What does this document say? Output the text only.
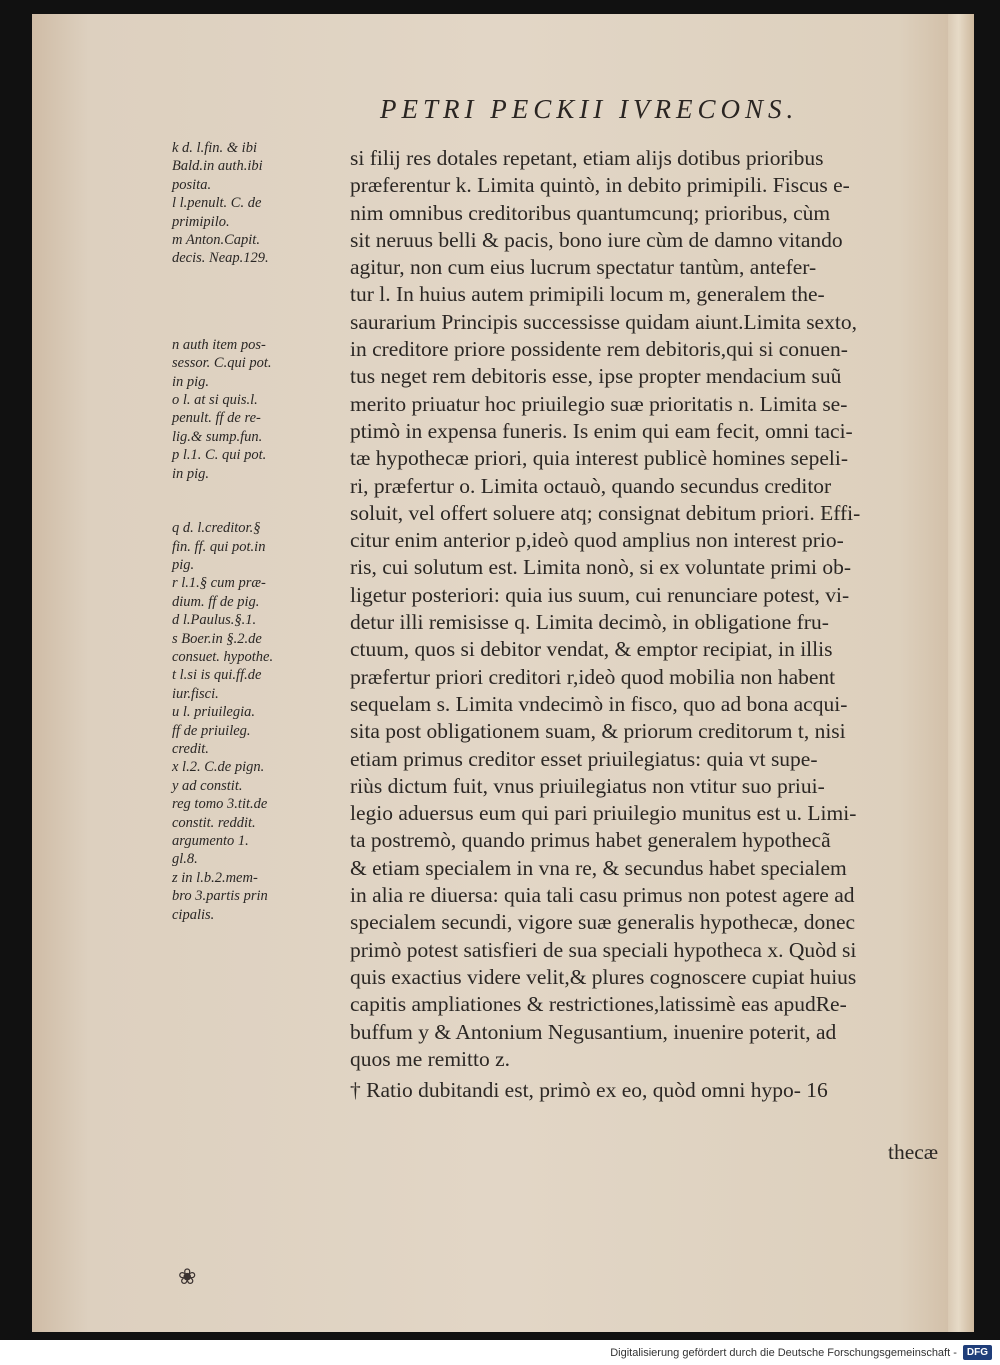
PETRI PECKII IVRECONS.

k d. l.fin. & ibi
Bald.in auth.ibi
posita.

l l.penult. C. de
primipilo.

m Anton.Capit.
decis. Neap.129.

n auth item pos-
sessor. C.qui pot.
in pig.

o l. at si quis.l.
penult. ff de re-
lig.& sump.fun.

p l.1. C. qui pot.
in pig.

q d. l.creditor.§
fin. ff. qui pot.in
pig.

r l.1.§ cum præ-
dium. ff de pig.

d l.Paulus.§.1.

s Boer.in §.2.de
consuet. hypothe.

t l.si is qui.ff.de
iur.fisci.

u l. priuilegia.
ff de priuileg.
credit.

x l.2. C.de pign.

y ad constit.
reg tomo 3.tit.de
constit. reddit.
argumento 1.
gl.8.

z in l.b.2.mem-
bro 3.partis prin
cipalis.

si filij res dotales repetant, etiam alijs dotibus prioribus
præferentur k. Limita quintò, in debito primipili. Fiscus e-
nim omnibus creditoribus quantumcunq; prioribus, cùm
sit neruus belli & pacis, bono iure cùm de damno vitando
agitur, non cum eius lucrum spectatur tantùm, antefer-
tur l. In huius autem primipili locum m, generalem the-
saurarium Principis successisse quidam aiunt.Limita sexto,
in creditore priore possidente rem debitoris,qui si conuen-
tus neget rem debitoris esse, ipse propter mendacium suũ
merito priuatur hoc priuilegio suæ prioritatis n. Limita se-
ptimò in expensa funeris. Is enim qui eam fecit, omni taci-
tæ hypothecæ priori, quia interest publicè homines sepeli-
ri, præfertur o. Limita octauò, quando secundus creditor
soluit, vel offert soluere atq; consignat debitum priori. Effi-
citur enim anterior p,ideò quod amplius non interest prio-
ris, cui solutum est. Limita nonò, si ex voluntate primi ob-
ligetur posteriori: quia ius suum, cui renunciare potest, vi-
detur illi remisisse q. Limita decimò, in obligatione fru-
ctuum, quos si debitor vendat, & emptor recipiat, in illis
præfertur priori creditori r,ideò quod mobilia non habent
sequelam s. Limita vndecimò in fisco, quo ad bona acqui-
sita post obligationem suam, & priorum creditorum t, nisi
etiam primus creditor esset priuilegiatus: quia vt supe-
riùs dictum fuit, vnus priuilegiatus non vtitur suo priui-
legio aduersus eum qui pari priuilegio munitus est u. Limi-
ta postremò, quando primus habet generalem hypothecã
& etiam specialem in vna re, & secundus habet specialem
in alia re diuersa: quia tali casu primus non potest agere ad
specialem secundi, vigore suæ generalis hypothecæ, donec
primò potest satisfieri de sua speciali hypotheca x. Quòd si
quis exactius videre velit,& plures cognoscere cupiat huius
capitis ampliationes & restrictiones,latissimè eas apudRe-
buffum y & Antonium Negusantium, inuenire poterit, ad
quos me remitto z.
† Ratio dubitandi est, primò ex eo, quòd omni hypo- 16
thecæ
❀
Digitalisierung gefördert durch die Deutsche Forschungsgemeinschaft -	DFG
